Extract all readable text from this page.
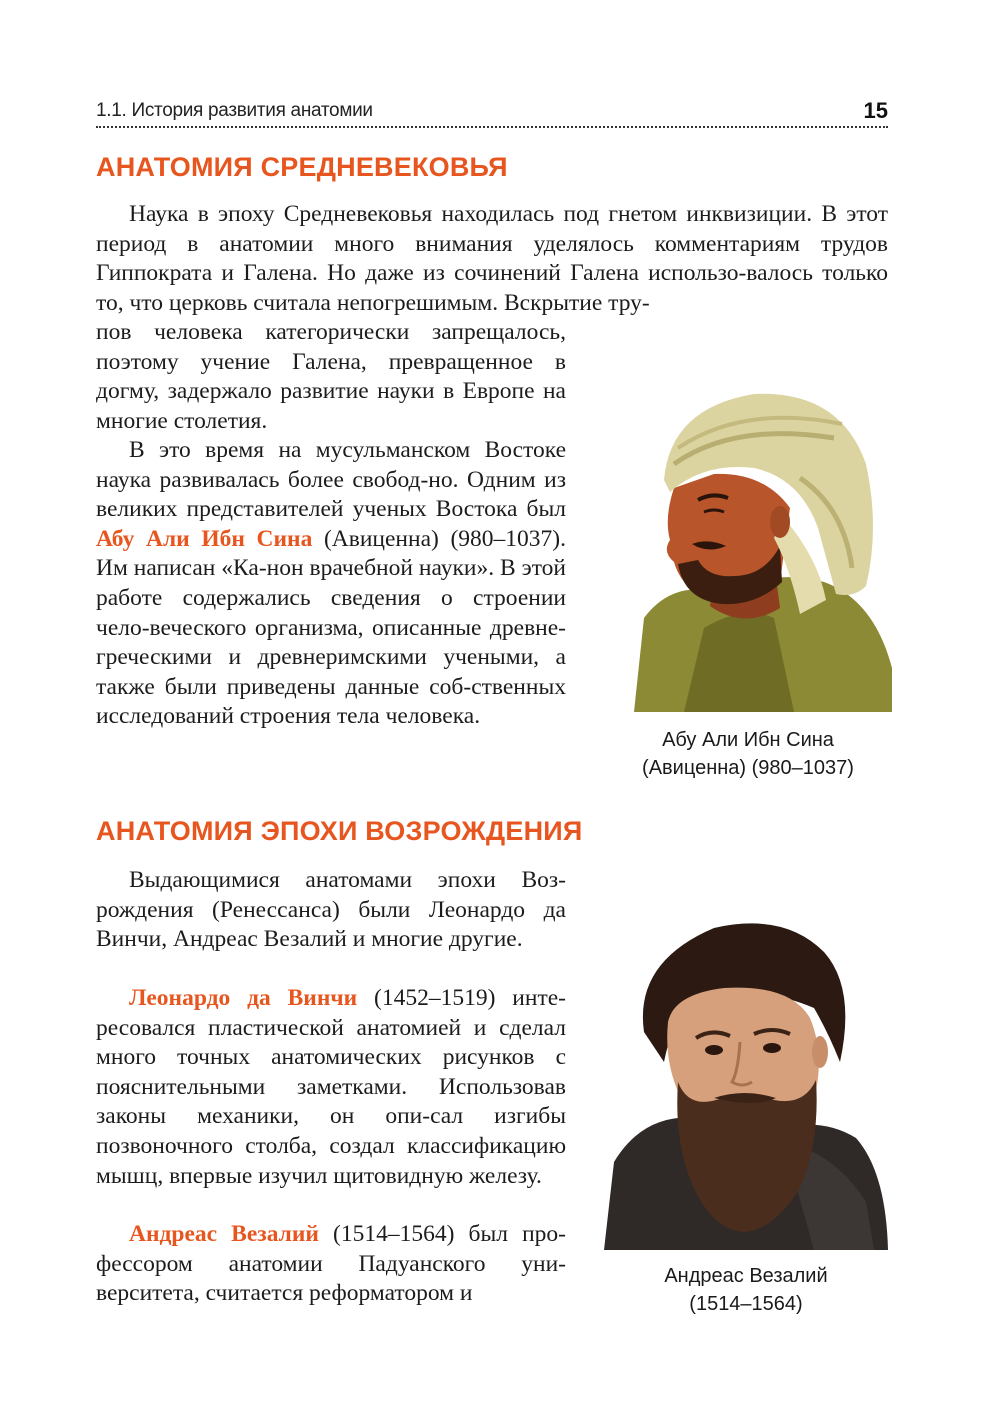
1.1. История развития анатомии	15
АНАТОМИЯ СРЕДНЕВЕКОВЬЯ

Наука в эпоху Средневековья находилась под гнетом инквизиции. В этот период в анатомии много внимания уделялось комментариям трудов Гиппократа и Галена. Но даже из сочинений Галена использо-валось только то, что церковь считала непогрешимым. Вскрытие тру-

пов человека категорически запрещалось, поэтому учение Галена, превращенное в догму, задержало развитие науки в Европе на многие столетия.

В это время на мусульманском Востоке наука развивалась более свобод-но. Одним из великих представителей ученых Востока был Абу Али Ибн Сина (Авиценна) (980–1037). Им написан «Ка-нон врачебной науки». В этой работе содержались сведения о строении чело-веческого организма, описанные древне-греческими и древнеримскими учеными, а также были приведены данные соб-ственных исследований строения тела человека.

Абу Али Ибн Сина
(Авиценна) (980–1037)

АНАТОМИЯ ЭПОХИ ВОЗРОЖДЕНИЯ

Выдающимися анатомами эпохи Воз-рождения (Ренессанса) были Леонардо да Винчи, Андреас Везалий и многие другие.

Леонардо да Винчи (1452–1519) инте-ресовался пластической анатомией и сделал много точных анатомических рисунков с пояснительными заметками. Использовав законы механики, он опи-сал изгибы позвоночного столба, создал классификацию мышц, впервые изучил щитовидную железу.

Андреас Везалий (1514–1564) был про-фессором анатомии Падуанского уни-верситета, считается реформатором и

Андреас Везалий
(1514–1564)
